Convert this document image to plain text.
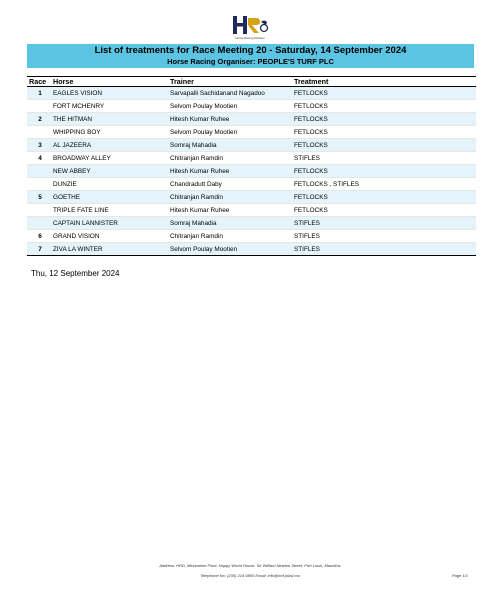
Horse Racing Division
List of treatments for Race Meeting 20 - Saturday, 14 September 2024
Horse Racing Organiser: PEOPLE'S TURF PLC
Race	Horse	Trainer	Treatment
1	EAGLES VISION	Sarvapalli Sachidanand Nagadoo	FETLOCKS
	FORT MCHENRY	Selvom Poulay Mootien	FETLOCKS
2	THE HITMAN	Hitesh Kumar Ruhee	FETLOCKS
	WHIPPING BOY	Selvom Poulay Mootien	FETLOCKS
3	AL JAZEERA	Somraj Mahadia	FETLOCKS
4	BROADWAY ALLEY	Chitranjan Ramdin	STIFLES
	NEW ABBEY	Hitesh Kumar Ruhee	FETLOCKS
	DUNZIE	Chandradutt Daby	FETLOCKS , STIFLES
5	GOETHE	Chitranjan Ramdin	FETLOCKS
	TRIPLE FATE LINE	Hitesh Kumar Ruhee	FETLOCKS
	CAPTAIN LANNISTER	Somraj Mahadia	STIFLES
6	GRAND VISION	Chitranjan Ramdin	STIFLES
7	ZIVA LA WINTER	Selvom Poulay Mootien	STIFLES
Thu, 12 September 2024
Address: HRD, Mezzanine Floor, Happy World House, Sir William Newton Street, Port Louis, Mauritius
Telephone No: (230) 214 9800 Email: info@hrd.jobsl.mu	Page 1/1
